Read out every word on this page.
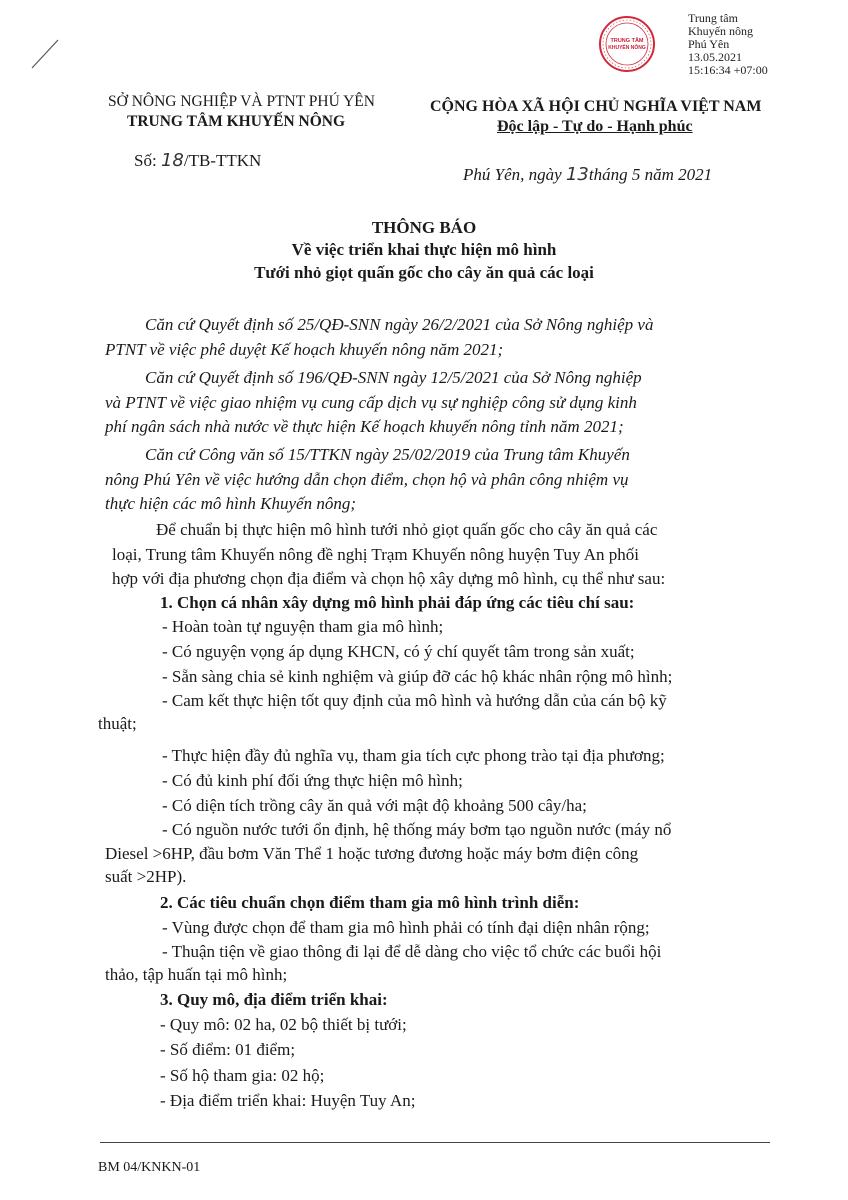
Trung tâm
Khuyến nông
Phú Yên
13.05.2021
15:16:34 +07:00
TRUNG TÂM
KHUYẾN NÔNG
SỞ NÔNG NGHIỆP VÀ PTNT PHÚ YÊN
TRUNG TÂM KHUYẾN NÔNG
Số: 18/TB-TTKN
CỘNG HÒA XÃ HỘI CHỦ NGHĨA VIỆT NAM
Độc lập - Tự do - Hạnh phúc
Phú Yên, ngày 13tháng 5 năm 2021
THÔNG BÁO
Về việc triển khai thực hiện mô hình
Tưới nhỏ giọt quấn gốc cho cây ăn quả các loại
Căn cứ Quyết định số 25/QĐ-SNN ngày 26/2/2021 của Sở Nông nghiệp và
PTNT về việc phê duyệt Kế hoạch khuyến nông năm 2021;
Căn cứ Quyết định số 196/QĐ-SNN ngày 12/5/2021 của Sở Nông nghiệp
và PTNT về việc giao nhiệm vụ cung cấp dịch vụ sự nghiệp công sử dụng kinh
phí ngân sách nhà nước về thực hiện Kế hoạch khuyến nông tỉnh năm 2021;
Căn cứ Công văn số 15/TTKN ngày 25/02/2019 của Trung tâm Khuyến
nông Phú Yên về việc hướng dẫn chọn điểm, chọn hộ và phân công nhiệm vụ
thực hiện các mô hình Khuyến nông;
Để chuẩn bị thực hiện mô hình tưới nhỏ giọt quấn gốc cho cây ăn quả các
loại, Trung tâm Khuyến nông đề nghị Trạm Khuyến nông huyện Tuy An phối
hợp với địa phương chọn địa điểm và chọn hộ xây dựng mô hình, cụ thể như sau:
1. Chọn cá nhân xây dựng mô hình phải đáp ứng các tiêu chí sau:
- Hoàn toàn tự nguyện tham gia mô hình;
- Có nguyện vọng áp dụng KHCN, có ý chí quyết tâm trong sản xuất;
- Sẵn sàng chia sẻ kinh nghiệm và giúp đỡ các hộ khác nhân rộng mô hình;
- Cam kết thực hiện tốt quy định của mô hình và hướng dẫn của cán bộ kỹ
thuật;
- Thực hiện đầy đủ nghĩa vụ, tham gia tích cực phong trào tại địa phương;
- Có đủ kinh phí đối ứng thực hiện mô hình;
- Có diện tích trồng cây ăn quả với mật độ khoảng 500 cây/ha;
- Có nguồn nước tưới ổn định, hệ thống máy bơm tạo nguồn nước (máy nổ
Diesel >6HP, đầu bơm Văn Thể 1 hoặc tương đương hoặc máy bơm điện công
suất >2HP).
2. Các tiêu chuẩn chọn điểm tham gia mô hình trình diễn:
- Vùng được chọn để tham gia mô hình phải có tính đại diện nhân rộng;
- Thuận tiện về giao thông đi lại để dễ dàng cho việc tổ chức các buổi hội
thảo, tập huấn tại mô hình;
3. Quy mô, địa điểm triển khai:
- Quy mô: 02 ha, 02 bộ thiết bị tưới;
- Số điểm: 01 điểm;
- Số hộ tham gia: 02 hộ;
- Địa điểm triển khai: Huyện Tuy An;
BM 04/KNKN-01
